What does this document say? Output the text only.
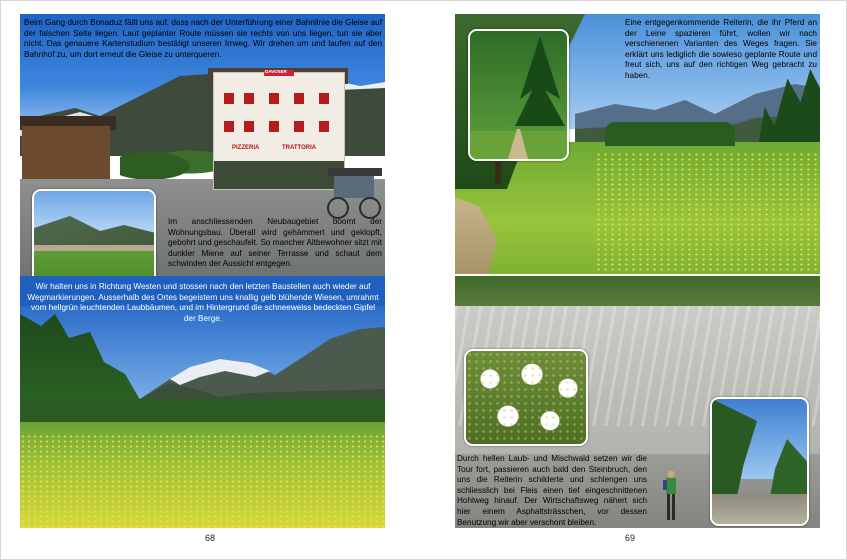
PIZZERIA	TRATTORIA
DAVOSER
Beim Gang durch Bonaduz fällt uns auf, dass nach der Unterführung einer Bahnlinie die Gleise auf der falschen Seite liegen. Laut geplanter Route müssen sie rechts von uns liegen, tun sie aber nicht. Das genauere Kartenstudium bestätigt unseren Irrweg. Wir drehen um und laufen auf den Bahnhof zu, um dort erneut die Gleise zu unterqueren.
Im anschliessenden Neubaugebiet boomt der Wohnungsbau. Überall wird gehämmert und geklopft, gebohrt und geschaufelt. So mancher Altbewohner sitzt mit dunkler Miene auf seiner Terrasse und schaut dem schwinden der Aussicht entgegen.
Wir halten uns in Richtung Westen und stossen nach den letzten Baustellen auch wieder auf Wegmarkierungen. Ausserhalb des Ortes begeistern uns knallig gelb blühende Wiesen, umrahmt vom hellgrün leuchtenden Laubbäumen, und im Hintergrund die schneeweiss bedeckten Gipfel der Berge.
68
Eine entgegenkommende Reiterin, die ihr Pferd an der Leine spazieren führt, wollen wir nach verschienenen Varianten des Weges fragen. Sie erklärt uns lediglich die sowieso geplante Route und freut sich, uns auf den richtigen Weg gebracht zu haben.
Durch hellen Laub- und Mischwald setzen wir die Tour fort, passieren auch bald den Steinbruch, den uns die Reiterin schilderte und schlengen uns schliesslich bei Fleis einen tief eingeschnittenen Hohlweg hinauf. Der Wirtschaftsweg nähert sich hier einem Asphaltsträsschen, vor dessen Benutzung wir aber verschont bleiben.
69
